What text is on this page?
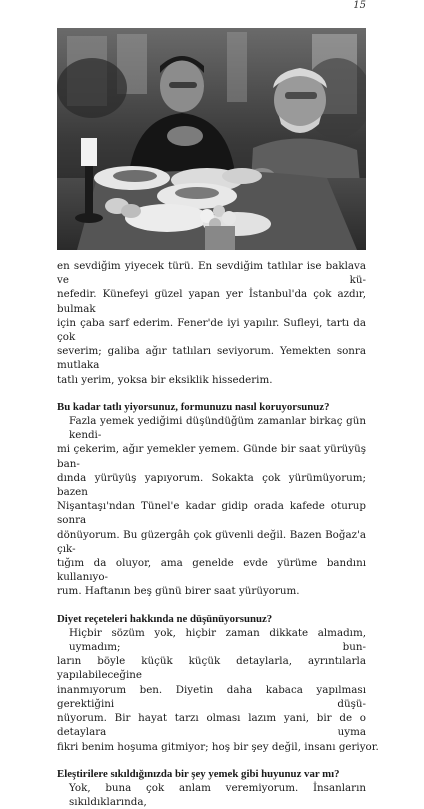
15

en sevdiğim yiyecek türü. En sevdiğim tatlılar ise baklava ve kü-
nefedir. Künefeyi güzel yapan yer İstanbul'da çok azdır, bulmak
için çaba sarf ederim. Fener'de iyi yapılır. Sufleyi, tartı da çok
severim; galiba ağır tatlıları seviyorum. Yemekten sonra mutlaka
tatlı yerim, yoksa bir eksiklik hissederim.

Bu kadar tatlı yiyorsunuz, formunuzu nasıl koruyorsunuz?

Fazla yemek yediğimi düşündüğüm zamanlar birkaç gün kendi-
mi çekerim, ağır yemekler yemem. Günde bir saat yürüyüş ban-
dında yürüyüş yapıyorum. Sokakta çok yürümüyorum; bazen
Nişantaşı'ndan Tünel'e kadar gidip orada kafede oturup sonra
dönüyorum. Bu güzergâh çok güvenli değil. Bazen Boğaz'a çık-
tığım da oluyor, ama genelde evde yürüme bandını kullanıyo-
rum. Haftanın beş günü birer saat yürüyorum.

Diyet reçeteleri hakkında ne düşünüyorsunuz?

Hiçbir sözüm yok, hiçbir zaman dikkate almadım, uymadım; bun-
ların böyle küçük küçük detaylarla, ayrıntılarla yapılabileceğine
inanmıyorum ben. Diyetin daha kabaca yapılması gerektiğini düşü-
nüyorum. Bir hayat tarzı olması lazım yani, bir de o detaylara uyma
fikri benim hoşuma gitmiyor; hoş bir şey değil, insanı geriyor.

Eleştirilere sıkıldığınızda bir şey yemek gibi huyunuz var mı?

Yok, buna çok anlam veremiyorum. İnsanların sıkıldıklarında,
